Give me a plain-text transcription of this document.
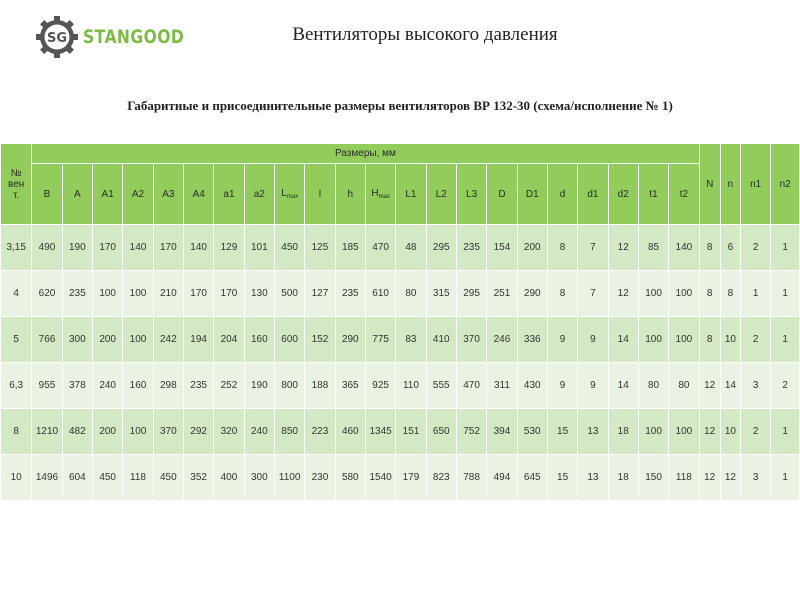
SG STANGOOD	Вентиляторы высокого давления
Габаритные и присоединительные размеры вентиляторов ВР 132-30 (схема/исполнение № 1)
№
вен
т.	Размеры, мм																						N	n	n1	n2
	В	А	А1	А2	А3	А4	а1	а2	$L_{max}$	l	h	$H_{max}$	L1	L2	L3	D	D1	d	d1	d2	t1	t2				
3,15	490	190	170	140	170	140	129	101	450	125	185	470	48	295	235	154	200	8	7	12	85	140	8	6	2	1
4	620	235	100	100	210	170	170	130	500	127	235	610	80	315	295	251	290	8	7	12	100	100	8	8	1	1
5	766	300	200	100	242	194	204	160	600	152	290	775	83	410	370	246	336	9	9	14	100	100	8	10	2	1
6,3	955	378	240	160	298	235	252	190	800	188	365	925	110	555	470	311	430	9	9	14	80	80	12	14	3	2
8	1210	482	200	100	370	292	320	240	850	223	460	1345	151	650	752	394	530	15	13	18	100	100	12	10	2	1
10	1496	604	450	118	450	352	400	300	1100	230	580	1540	179	823	788	494	645	15	13	18	150	118	12	12	3	1
